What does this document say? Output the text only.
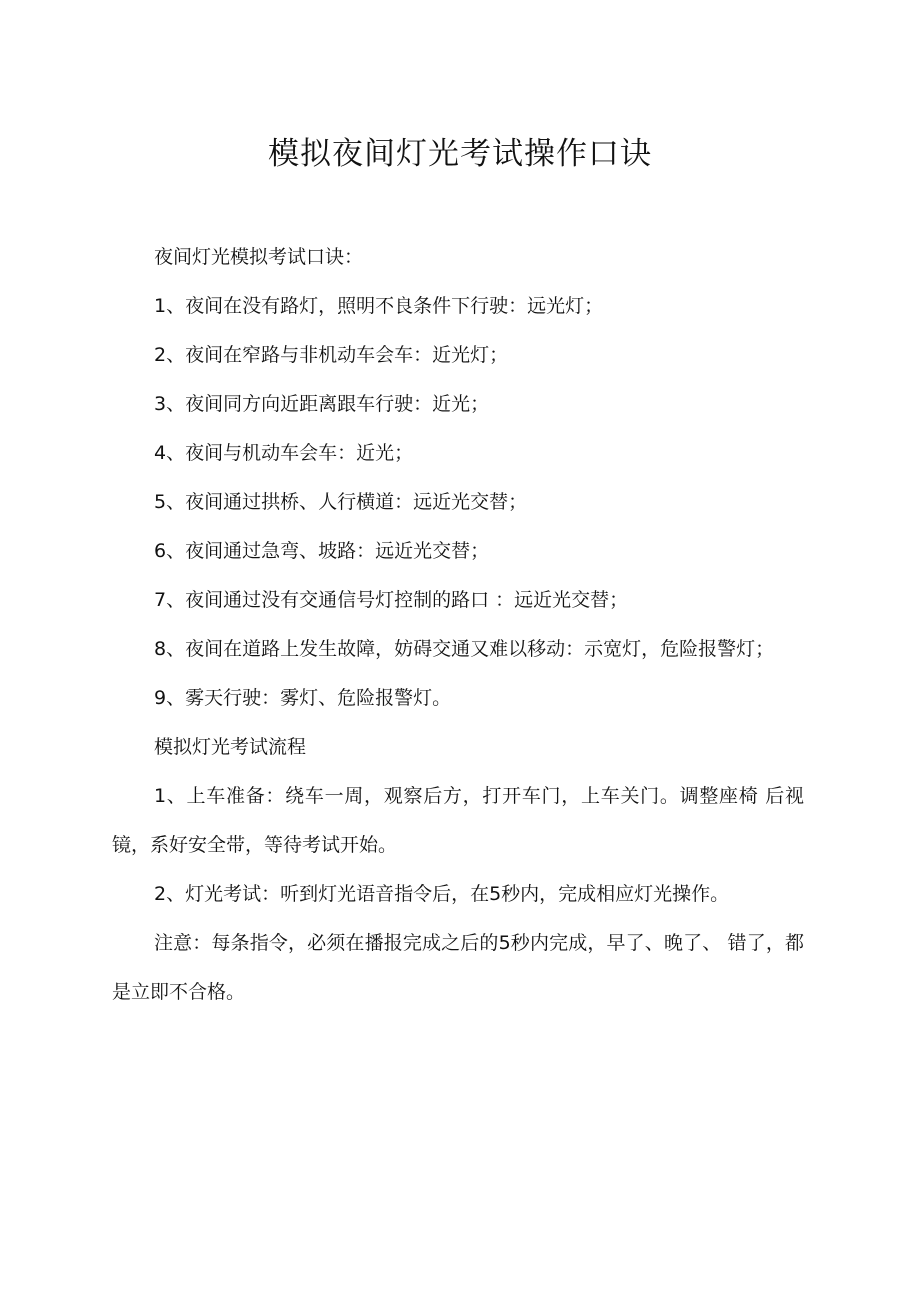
模拟夜间灯光考试操作口诀

夜间灯光模拟考试口诀：

1、夜间在没有路灯，照明不良条件下行驶：远光灯；

2、夜间在窄路与非机动车会车：近光灯；

3、夜间同方向近距离跟车行驶：近光；

4、夜间与机动车会车：近光；

5、夜间通过拱桥、人行横道：远近光交替；

6、夜间通过急弯、坡路：远近光交替；

7、夜间通过没有交通信号灯控制的路口 ：远近光交替；

8、夜间在道路上发生故障，妨碍交通又难以移动：示宽灯，危险报警灯；

9、雾天行驶：雾灯、危险报警灯。

模拟灯光考试流程

1、上车准备：绕车一周，观察后方，打开车门，上车关门。调整座椅 后视镜，系好安全带，等待考试开始。

2、灯光考试：听到灯光语音指令后，在5秒内，完成相应灯光操作。

注意：每条指令，必须在播报完成之后的5秒内完成，早了、晚了、 错了，都是立即不合格。
